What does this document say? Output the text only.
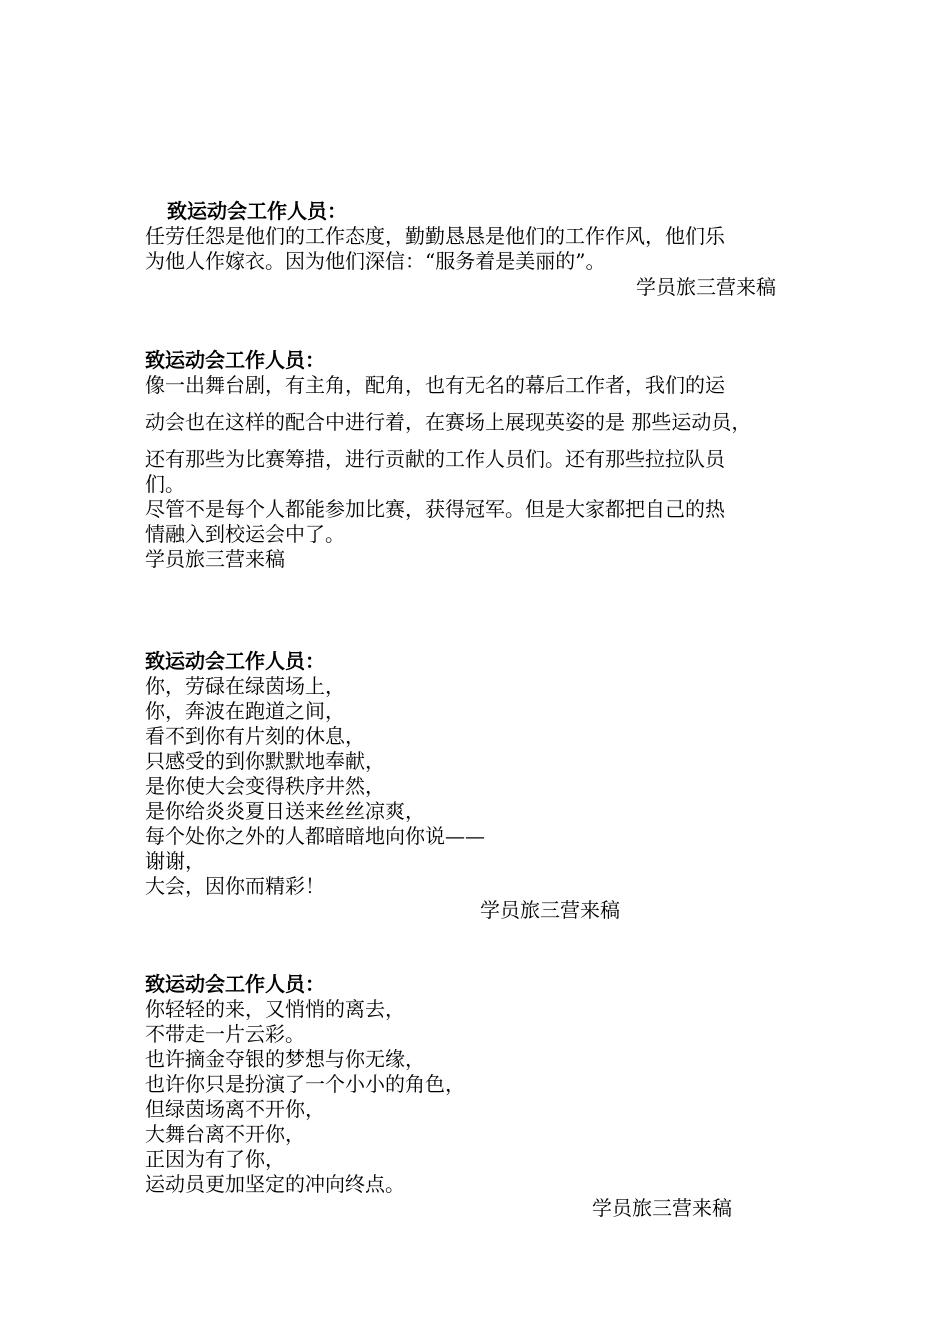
致运动会工作人员：
任劳任怨是他们的工作态度，勤勤恳恳是他们的工作作风，他们乐
为他人作嫁衣。因为他们深信：“服务着是美丽的”。
学员旅三营来稿
致运动会工作人员：
像一出舞台剧，有主角，配角，也有无名的幕后工作者，我们的运
动会也在这样的配合中进行着，在赛场上展现英姿的是 那些运动员，
还有那些为比赛筹措，进行贡献的工作人员们。还有那些拉拉队员
们。
尽管不是每个人都能参加比赛，获得冠军。但是大家都把自己的热
情融入到校运会中了。
学员旅三营来稿
致运动会工作人员：
你，劳碌在绿茵场上，
你，奔波在跑道之间，
看不到你有片刻的休息，
只感受的到你默默地奉献，
是你使大会变得秩序井然，
是你给炎炎夏日送来丝丝凉爽，
每个处你之外的人都暗暗地向你说——
谢谢，
大会，因你而精彩！
学员旅三营来稿
致运动会工作人员：
你轻轻的来，又悄悄的离去，
不带走一片云彩。
也许摘金夺银的梦想与你无缘，
也许你只是扮演了一个小小的角色，
但绿茵场离不开你，
大舞台离不开你，
正因为有了你，
运动员更加坚定的冲向终点。
学员旅三营来稿
